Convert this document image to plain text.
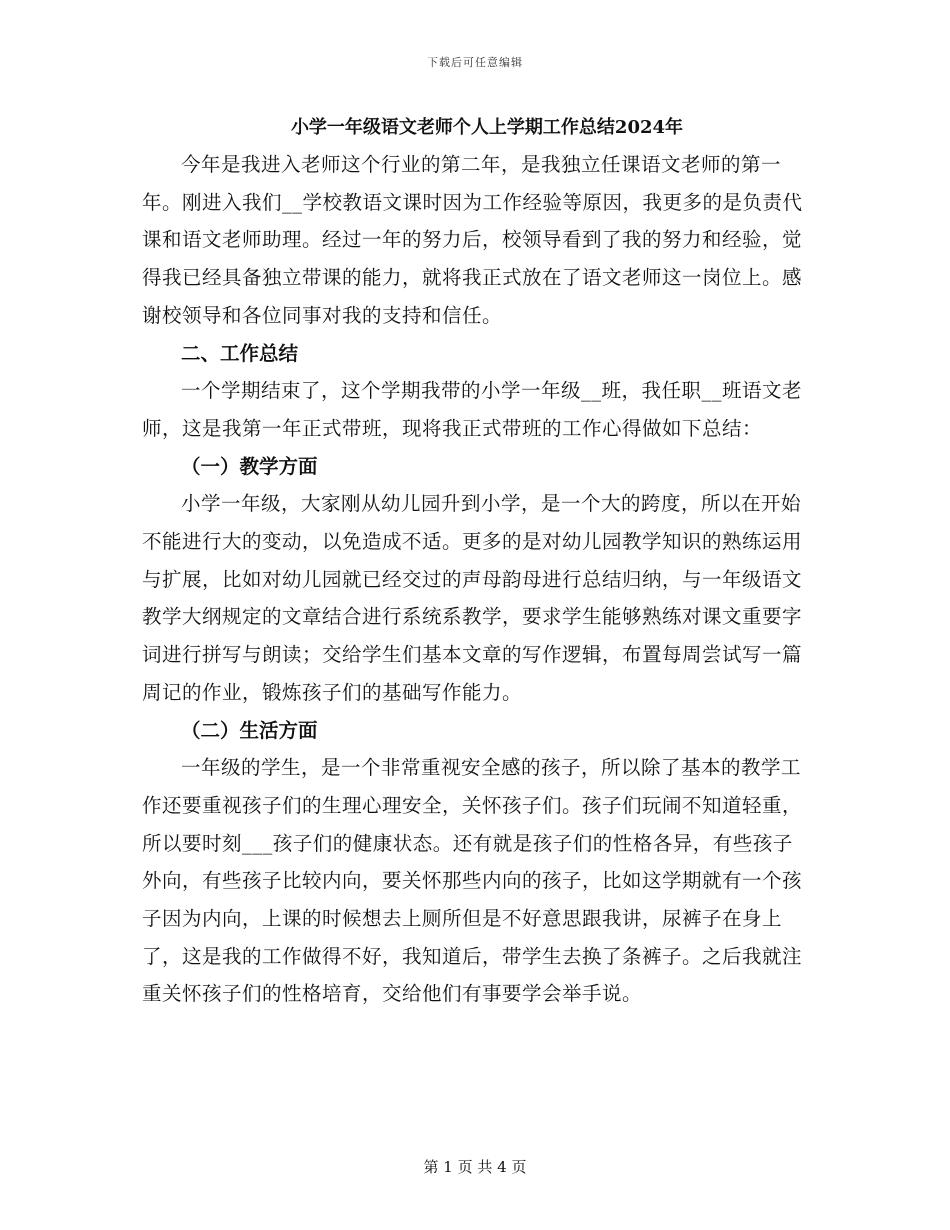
下载后可任意编辑
小学一年级语文老师个人上学期工作总结2024年

今年是我进入老师这个行业的第二年，是我独立任课语文老师的第一年。刚进入我们__学校教语文课时因为工作经验等原因，我更多的是负责代课和语文老师助理。经过一年的努力后，校领导看到了我的努力和经验，觉得我已经具备独立带课的能力，就将我正式放在了语文老师这一岗位上。感谢校领导和各位同事对我的支持和信任。

二、工作总结

一个学期结束了，这个学期我带的小学一年级__班，我任职__班语文老师，这是我第一年正式带班，现将我正式带班的工作心得做如下总结：

（一）教学方面

小学一年级，大家刚从幼儿园升到小学，是一个大的跨度，所以在开始不能进行大的变动，以免造成不适。更多的是对幼儿园教学知识的熟练运用与扩展，比如对幼儿园就已经交过的声母韵母进行总结归纳，与一年级语文教学大纲规定的文章结合进行系统系教学，要求学生能够熟练对课文重要字词进行拼写与朗读；交给学生们基本文章的写作逻辑，布置每周尝试写一篇周记的作业，锻炼孩子们的基础写作能力。

（二）生活方面

一年级的学生，是一个非常重视安全感的孩子，所以除了基本的教学工作还要重视孩子们的生理心理安全，关怀孩子们。孩子们玩闹不知道轻重，所以要时刻___孩子们的健康状态。还有就是孩子们的性格各异，有些孩子外向，有些孩子比较内向，要关怀那些内向的孩子，比如这学期就有一个孩子因为内向，上课的时候想去上厕所但是不好意思跟我讲，尿裤子在身上了，这是我的工作做得不好，我知道后，带学生去换了条裤子。之后我就注重关怀孩子们的性格培育，交给他们有事要学会举手说。

第 1 页 共 4 页
